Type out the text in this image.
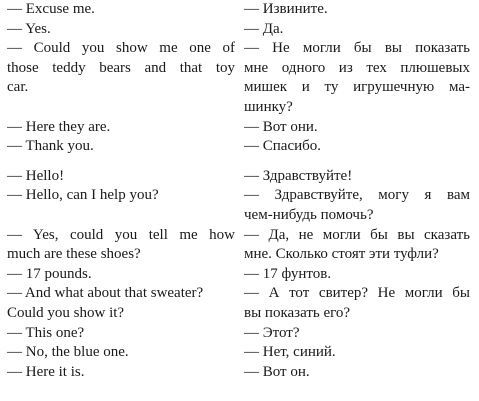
— Excuse me.
— Yes.
— Could you show me one of
those teddy bears and that toy
car.
— Here they are.
— Thank you.
— Hello!
— Hello, can I help you?
— Yes, could you tell me how
much are these shoes?
— 17 pounds.
— And what about that sweater?
Could you show it?
— This one?
— No, the blue one.
— Here it is.
— Извините.
— Да.
— Не могли бы вы показать
мне одного из тех плюшевых
мишек и ту игрушечную ма-
шинку?
— Вот они.
— Спасибо.
— Здравствуйте!
— Здравствуйте, могу я вам
чем-нибудь помочь?
— Да, не могли бы вы сказать
мне. Сколько стоят эти туфли?
— 17 фунтов.
— А тот свитер? Не могли бы
вы показать его?
— Этот?
— Нет, синий.
— Вот он.
